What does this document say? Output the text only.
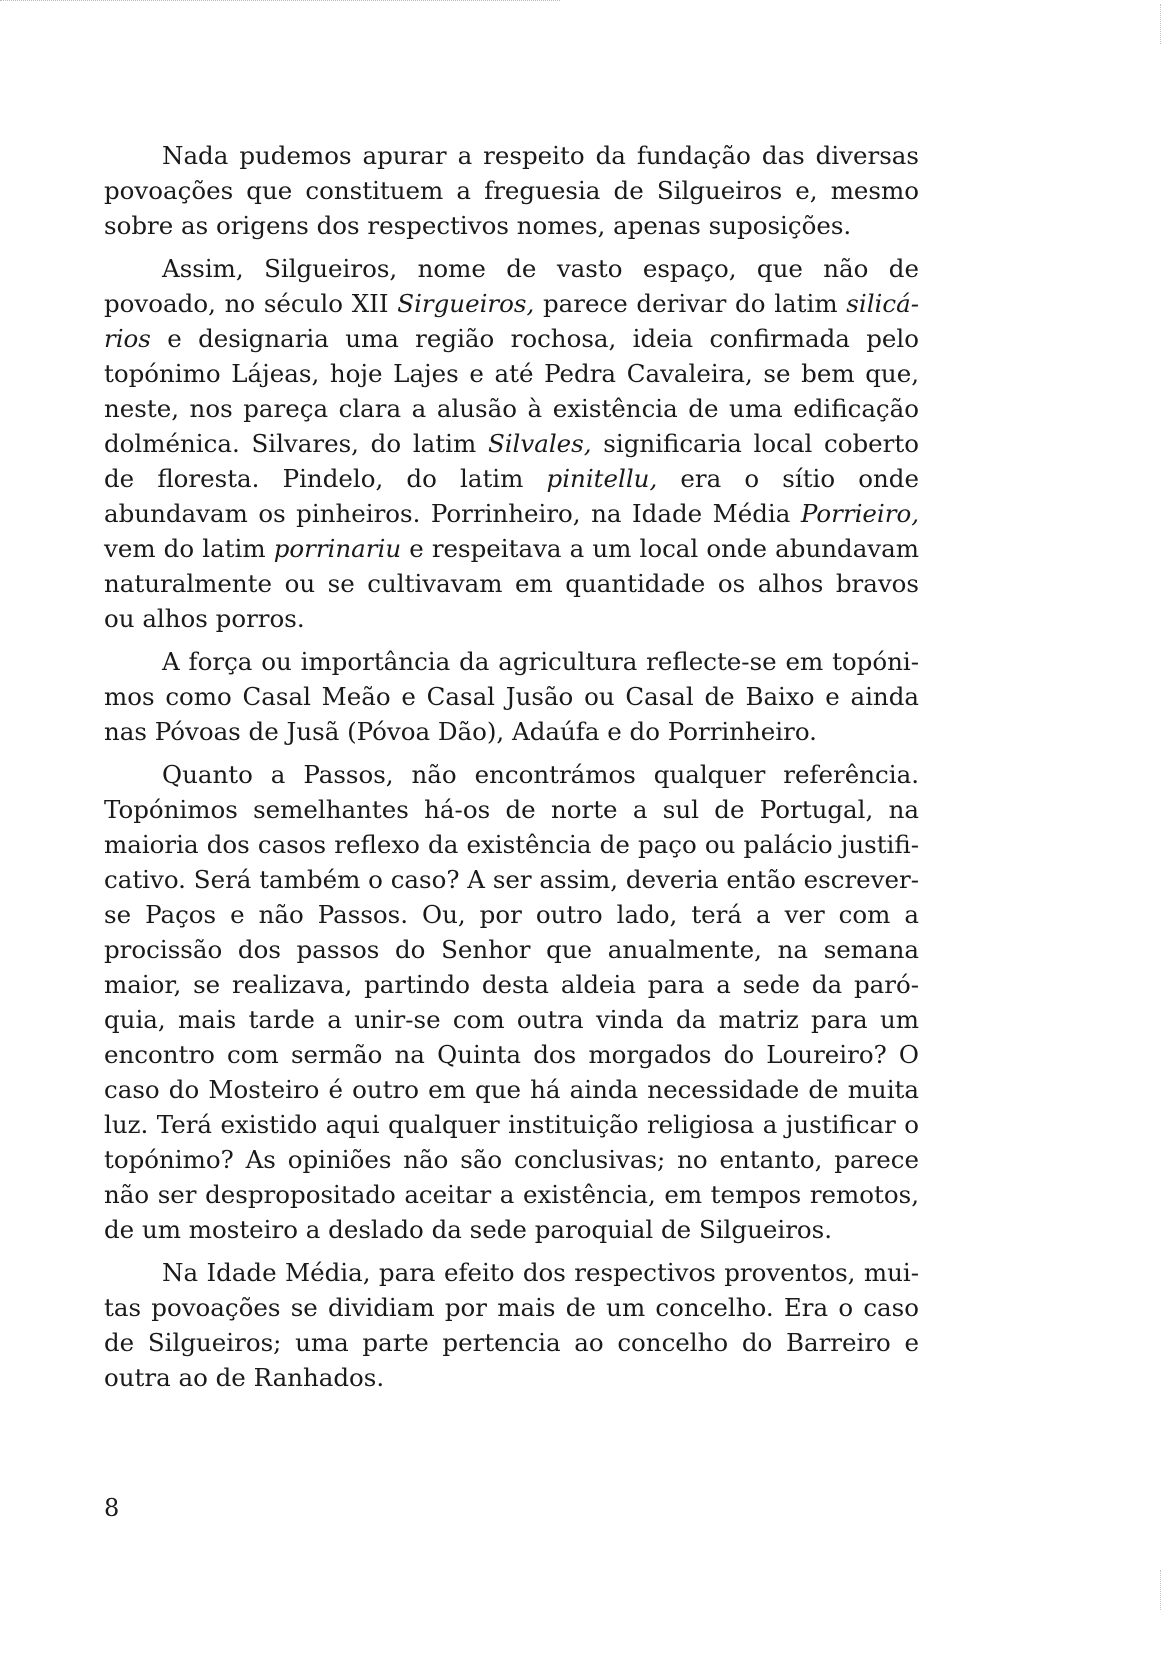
Nada pudemos apurar a respeito da fundação das diversas povoações que constituem a freguesia de Silgueiros e, mesmo sobre as origens dos respectivos nomes, apenas suposições.

Assim, Silgueiros, nome de vasto espaço, que não de povoado, no século XII Sirgueiros, parece derivar do latim silicários e designaria uma região rochosa, ideia confirmada pelo topónimo Lájeas, hoje Lajes e até Pedra Cavaleira, se bem que, neste, nos pareça clara a alusão à existência de uma edificação dolménica. Silvares, do latim Silvales, significaria local coberto de floresta. Pindelo, do latim pinitellu, era o sítio onde abundavam os pinheiros. Porrinheiro, na Idade Média Porrieiro, vem do latim porrinariu e respeitava a um local onde abundavam naturalmente ou se cultivavam em quantidade os alhos bravos ou alhos porros.

A força ou importância da agricultura reflecte-se em topónimos como Casal Meão e Casal Jusão ou Casal de Baixo e ainda nas Póvoas de Jusã (Póvoa Dão), Adaúfa e do Porrinheiro.

Quanto a Passos, não encontrámos qualquer referência. Topónimos semelhantes há-os de norte a sul de Portugal, na maioria dos casos reflexo da existência de paço ou palácio justificativo. Será também o caso? A ser assim, deveria então escreverse Paços e não Passos. Ou, por outro lado, terá a ver com a procissão dos passos do Senhor que anualmente, na semana maior, se realizava, partindo desta aldeia para a sede da paróquia, mais tarde a unir-se com outra vinda da matriz para um encontro com sermão na Quinta dos morgados do Loureiro? O caso do Mosteiro é outro em que há ainda necessidade de muita luz. Terá existido aqui qualquer instituição religiosa a justificar o topónimo? As opiniões não são conclusivas; no entanto, parece não ser despropositado aceitar a existência, em tempos remotos, de um mosteiro a deslado da sede paroquial de Silgueiros.

Na Idade Média, para efeito dos respectivos proventos, muitas povoações se dividiam por mais de um concelho. Era o caso de Silgueiros; uma parte pertencia ao concelho do Barreiro e outra ao de Ranhados.

8
